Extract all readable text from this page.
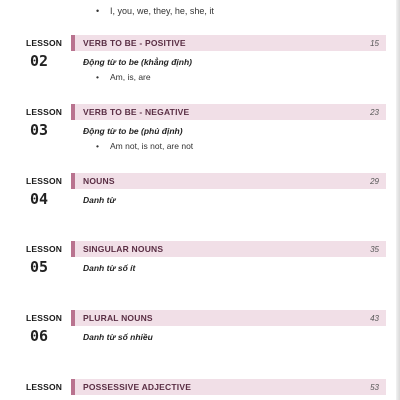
• I, you, we, they, he, she, it
LESSON
02
VERB TO BE - POSITIVE	15
Động từ to be (khẳng định)
• Am, is, are
LESSON
03
VERB TO BE - NEGATIVE	23
Động từ to be (phủ định)
• Am not, is not, are not
LESSON
04
NOUNS	29
Danh từ
LESSON
05
SINGULAR NOUNS	35
Danh từ số ít
LESSON
06
PLURAL NOUNS	43
Danh từ số nhiều
LESSON POSSESSIVE ADJECTIVE	53
